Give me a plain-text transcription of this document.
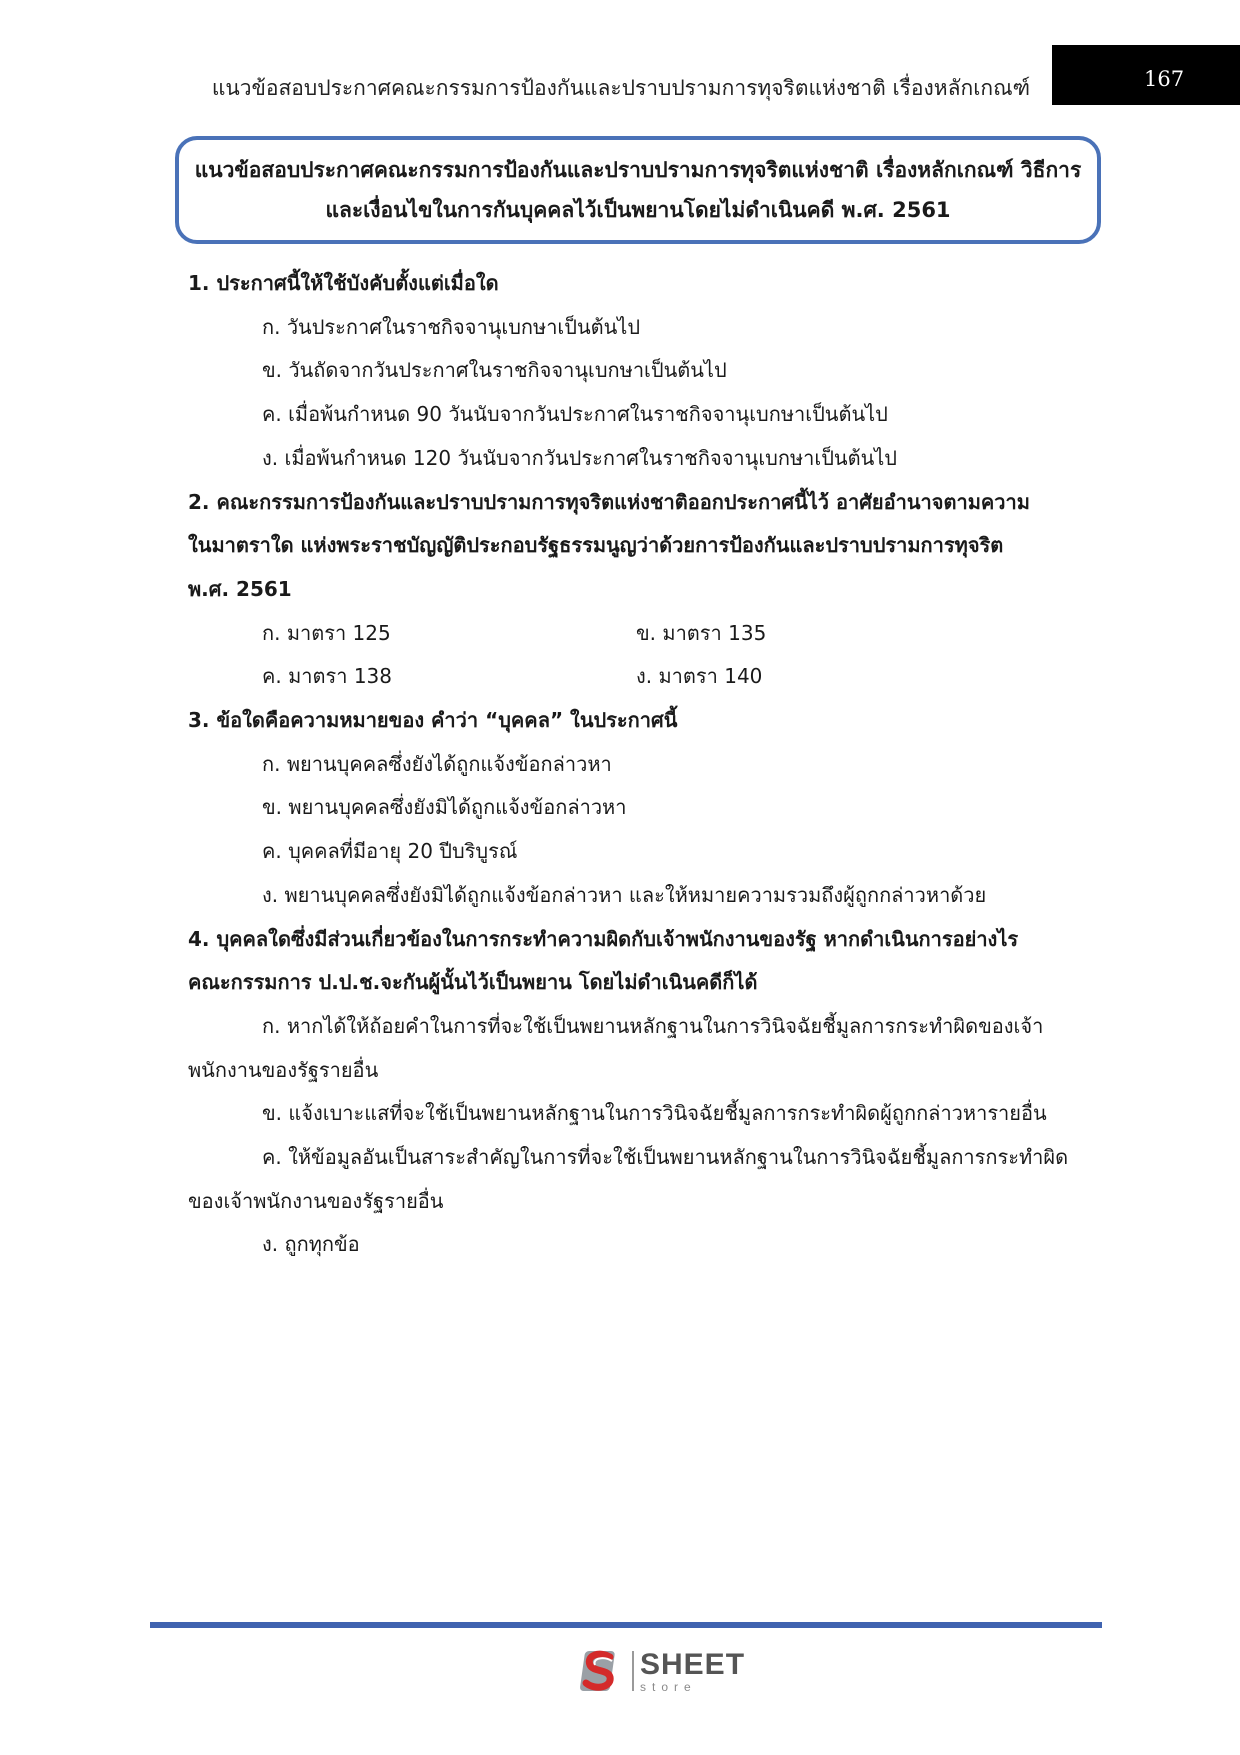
แนวข้อสอบประกาศคณะกรรมการป้องกันและปราบปรามการทุจริตแห่งชาติ เรื่องหลักเกณฑ์	167
แนวข้อสอบประกาศคณะกรรมการป้องกันและปราบปรามการทุจริตแห่งชาติ เรื่องหลักเกณฑ์ วิธีการ
และเงื่อนไขในการกันบุคคลไว้เป็นพยานโดยไม่ดำเนินคดี พ.ศ. 2561
1. ประกาศนี้ให้ใช้บังคับตั้งแต่เมื่อใด
ก. วันประกาศในราชกิจจานุเบกษาเป็นต้นไป
ข. วันถัดจากวันประกาศในราชกิจจานุเบกษาเป็นต้นไป
ค. เมื่อพ้นกำหนด 90 วันนับจากวันประกาศในราชกิจจานุเบกษาเป็นต้นไป
ง. เมื่อพ้นกำหนด 120 วันนับจากวันประกาศในราชกิจจานุเบกษาเป็นต้นไป
2. คณะกรรมการป้องกันและปราบปรามการทุจริตแห่งชาติออกประกาศนี้ไว้ อาศัยอำนาจตามความ
ในมาตราใด แห่งพระราชบัญญัติประกอบรัฐธรรมนูญว่าด้วยการป้องกันและปราบปรามการทุจริต
พ.ศ. 2561
ก. มาตรา 125	ข. มาตรา 135
ค. มาตรา 138	ง. มาตรา 140
3. ข้อใดคือความหมายของ คำว่า “บุคคล” ในประกาศนี้
ก. พยานบุคคลซึ่งยังได้ถูกแจ้งข้อกล่าวหา
ข. พยานบุคคลซึ่งยังมิได้ถูกแจ้งข้อกล่าวหา
ค. บุคคลที่มีอายุ 20 ปีบริบูรณ์
ง. พยานบุคคลซึ่งยังมิได้ถูกแจ้งข้อกล่าวหา และให้หมายความรวมถึงผู้ถูกกล่าวหาด้วย
4. บุคคลใดซึ่งมีส่วนเกี่ยวข้องในการกระทำความผิดกับเจ้าพนักงานของรัฐ หากดำเนินการอย่างไร
คณะกรรมการ ป.ป.ช.จะกันผู้นั้นไว้เป็นพยาน โดยไม่ดำเนินคดีก็ได้
ก. หากได้ให้ถ้อยคำในการที่จะใช้เป็นพยานหลักฐานในการวินิจฉัยชี้มูลการกระทำผิดของเจ้า
พนักงานของรัฐรายอื่น
ข. แจ้งเบาะแสที่จะใช้เป็นพยานหลักฐานในการวินิจฉัยชี้มูลการกระทำผิดผู้ถูกกล่าวหารายอื่น
ค. ให้ข้อมูลอันเป็นสาระสำคัญในการที่จะใช้เป็นพยานหลักฐานในการวินิจฉัยชี้มูลการกระทำผิด
ของเจ้าพนักงานของรัฐรายอื่น
ง. ถูกทุกข้อ
SHEET
store
